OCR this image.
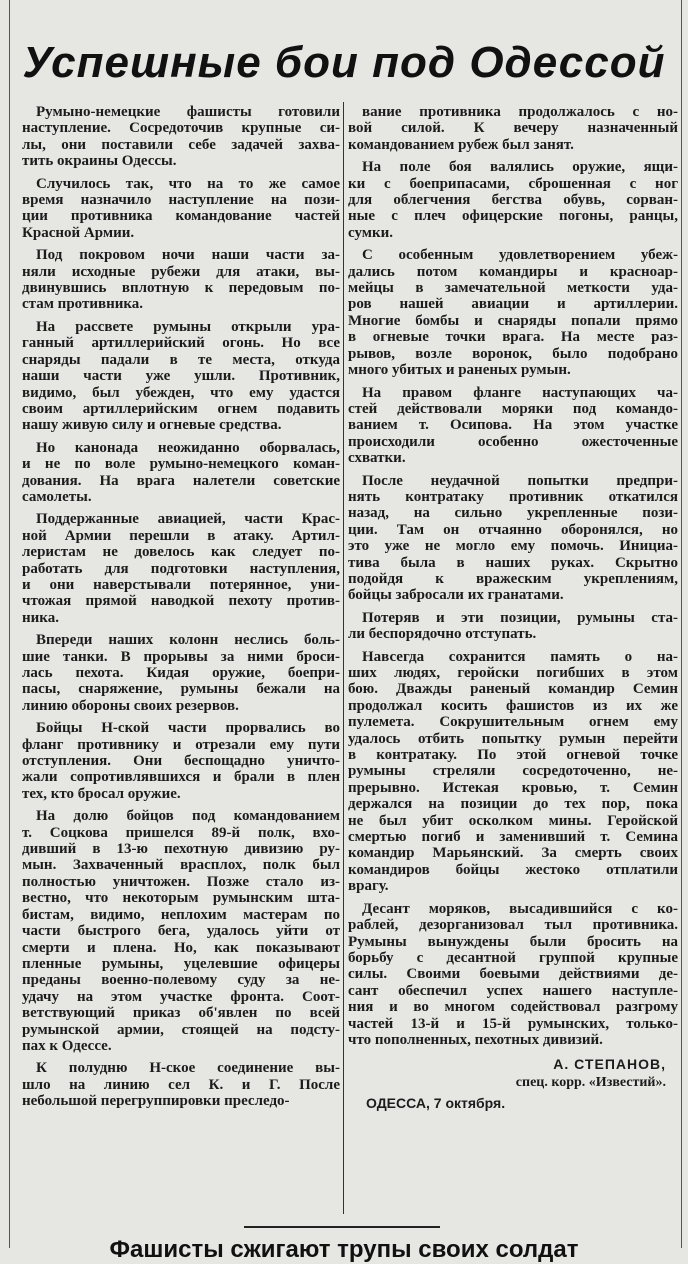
Успешные бои под Одессой
Румыно-немецкие фашисты готовили
наступление. Сосредоточив крупные си-
лы, они поставили себе задачей захва-
тить окраины Одессы.
Случилось так, что на то же самое
время назначило наступление на пози-
ции противника командование частей
Красной Армии.
Под покровом ночи наши части за-
няли исходные рубежи для атаки, вы-
двинувшись вплотную к передовым по-
стам противника.
На рассвете румыны открыли ура-
ганный артиллерийский огонь. Но все
снаряды падали в те места, откуда
наши части уже ушли. Противник,
видимо, был убежден, что ему удастся
своим артиллерийским огнем подавить
нашу живую силу и огневые средства.
Но канонада неожиданно оборвалась,
и не по воле румыно-немецкого коман-
дования. На врага налетели советские
самолеты.
Поддержанные авиацией, части Крас-
ной Армии перешли в атаку. Артил-
леристам не довелось как следует по-
работать для подготовки наступления,
и они наверстывали потерянное, уни-
чтожая прямой наводкой пехоту против-
ника.
Впереди наших колонн неслись боль-
шие танки. В прорывы за ними броси-
лась пехота. Кидая оружие, боепри-
пасы, снаряжение, румыны бежали на
линию обороны своих резервов.
Бойцы Н-ской части прорвались во
фланг противнику и отрезали ему пути
отступления. Они беспощадно уничто-
жали сопротивлявшихся и брали в плен
тех, кто бросал оружие.
На долю бойцов под командованием
т. Соцкова пришелся 89-й полк, вхо-
дивший в 13-ю пехотную дивизию ру-
мын. Захваченный врасплох, полк был
полностью уничтожен. Позже стало из-
вестно, что некоторым румынским шта-
бистам, видимо, неплохим мастерам по
части быстрого бега, удалось уйти от
смерти и плена. Но, как показывают
пленные румыны, уцелевшие офицеры
преданы военно-полевому суду за не-
удачу на этом участке фронта. Соот-
ветствующий приказ об'явлен по всей
румынской армии, стоящей на подсту-
пах к Одессе.
К полудню Н-ское соединение вы-
шло на линию сел К. и Г. После
небольшой перегруппировки преследо-
вание противника продолжалось с но-
вой силой. К вечеру назначенный
командованием рубеж был занят.
На поле боя валялись оружие, ящи-
ки с боеприпасами, сброшенная с ног
для облегчения бегства обувь, сорван-
ные с плеч офицерские погоны, ранцы,
сумки.
С особенным удовлетворением убеж-
дались потом командиры и красноар-
мейцы в замечательной меткости уда-
ров нашей авиации и артиллерии.
Многие бомбы и снаряды попали прямо
в огневые точки врага. На месте раз-
рывов, возле воронок, было подобрано
много убитых и раненых румын.
На правом фланге наступающих ча-
стей действовали моряки под командо-
ванием т. Осипова. На этом участке
происходили особенно ожесточенные
схватки.
После неудачной попытки предпри-
нять контратаку противник откатился
назад, на сильно укрепленные пози-
ции. Там он отчаянно оборонялся, но
это уже не могло ему помочь. Инициа-
тива была в наших руках. Скрытно
подойдя к вражеским укреплениям,
бойцы забросали их гранатами.
Потеряв и эти позиции, румыны ста-
ли беспорядочно отступать.
Навсегда сохранится память о на-
ших людях, геройски погибших в этом
бою. Дважды раненый командир Семин
продолжал косить фашистов из их же
пулемета. Сокрушительным огнем ему
удалось отбить попытку румын перейти
в контратаку. По этой огневой точке
румыны стреляли сосредоточенно, не-
прерывно. Истекая кровью, т. Семин
держался на позиции до тех пор, пока
не был убит осколком мины. Геройской
смертью погиб и заменивший т. Семина
командир Марьянский. За смерть своих
командиров бойцы жестоко отплатили
врагу.
Десант моряков, высадившийся с ко-
раблей, дезорганизовал тыл противника.
Румыны вынуждены были бросить на
борьбу с десантной группой крупные
силы. Своими боевыми действиями де-
сант обеспечил успех нашего наступле-
ния и во многом содействовал разгрому
частей 13-й и 15-й румынских, только-
что пополненных, пехотных дивизий.
А. СТЕПАНОВ,
спец. корр. «Известий».
ОДЕССА, 7 октября.
Фашисты сжигают трупы своих солдат
